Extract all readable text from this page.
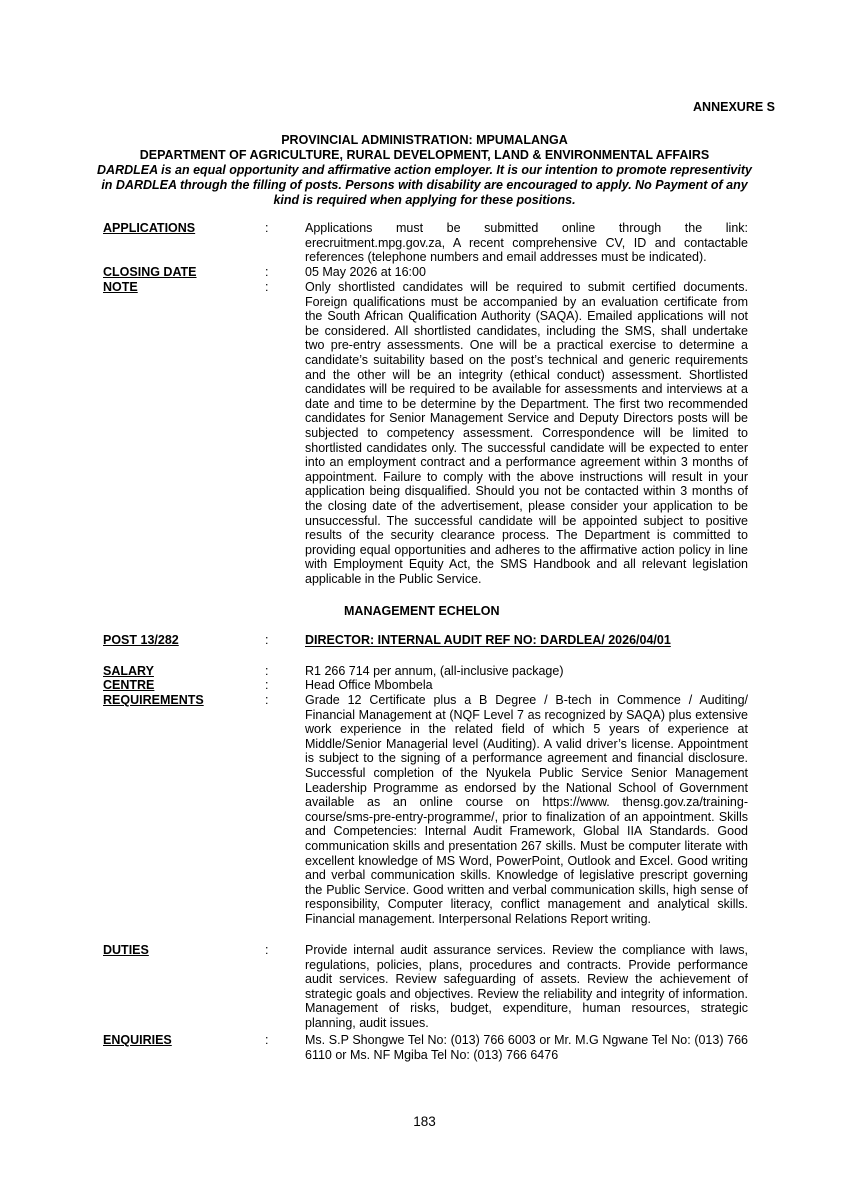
ANNEXURE S
PROVINCIAL ADMINISTRATION: MPUMALANGA
DEPARTMENT OF AGRICULTURE, RURAL DEVELOPMENT, LAND & ENVIRONMENTAL AFFAIRS
DARDLEA is an equal opportunity and affirmative action employer. It is our intention to promote representivity in DARDLEA through the filling of posts. Persons with disability are encouraged to apply. No Payment of any kind is required when applying for these positions.
APPLICATIONS	:	Applications must be submitted online through the link: erecruitment.mpg.gov.za, A recent comprehensive CV, ID and contactable references (telephone numbers and email addresses must be indicated).
CLOSING DATE	:	05 May 2026 at 16:00
NOTE	:	Only shortlisted candidates will be required to submit certified documents. Foreign qualifications must be accompanied by an evaluation certificate from the South African Qualification Authority (SAQA). Emailed applications will not be considered. All shortlisted candidates, including the SMS, shall undertake two pre-entry assessments. One will be a practical exercise to determine a candidate’s suitability based on the post’s technical and generic requirements and the other will be an integrity (ethical conduct) assessment. Shortlisted candidates will be required to be available for assessments and interviews at a date and time to be determine by the Department. The first two recommended candidates for Senior Management Service and Deputy Directors posts will be subjected to competency assessment. Correspondence will be limited to shortlisted candidates only. The successful candidate will be expected to enter into an employment contract and a performance agreement within 3 months of appointment. Failure to comply with the above instructions will result in your application being disqualified. Should you not be contacted within 3 months of the closing date of the advertisement, please consider your application to be unsuccessful. The successful candidate will be appointed subject to positive results of the security clearance process. The Department is committed to providing equal opportunities and adheres to the affirmative action policy in line with Employment Equity Act, the SMS Handbook and all relevant legislation applicable in the Public Service.
MANAGEMENT ECHELON
POST 13/282	:	DIRECTOR: INTERNAL AUDIT REF NO: DARDLEA/ 2026/04/01
SALARY	:	R1 266 714 per annum, (all-inclusive package)
CENTRE	:	Head Office Mbombela
REQUIREMENTS	:	Grade 12 Certificate plus a B Degree / B-tech in Commence / Auditing/ Financial Management at (NQF Level 7 as recognized by SAQA) plus extensive work experience in the related field of which 5 years of experience at Middle/Senior Managerial level (Auditing). A valid driver’s license. Appointment is subject to the signing of a performance agreement and financial disclosure. Successful completion of the Nyukela Public Service Senior Management Leadership Programme as endorsed by the National School of Government available as an online course on https://www. thensg.gov.za/training-course/sms-pre-entry-programme/, prior to finalization of an appointment. Skills and Competencies: Internal Audit Framework, Global IIA Standards. Good communication skills and presentation 267 skills. Must be computer literate with excellent knowledge of MS Word, PowerPoint, Outlook and Excel. Good writing and verbal communication skills. Knowledge of legislative prescript governing the Public Service. Good written and verbal communication skills, high sense of responsibility, Computer literacy, conflict management and analytical skills. Financial management. Interpersonal Relations Report writing.
DUTIES	:	Provide internal audit assurance services. Review the compliance with laws, regulations, policies, plans, procedures and contracts. Provide performance audit services. Review safeguarding of assets. Review the achievement of strategic goals and objectives. Review the reliability and integrity of information. Management of risks, budget, expenditure, human resources, strategic planning, audit issues.
ENQUIRIES	:	Ms. S.P Shongwe Tel No: (013) 766 6003 or Mr. M.G Ngwane Tel No: (013) 766 6110 or Ms. NF Mgiba Tel No: (013) 766 6476
183
